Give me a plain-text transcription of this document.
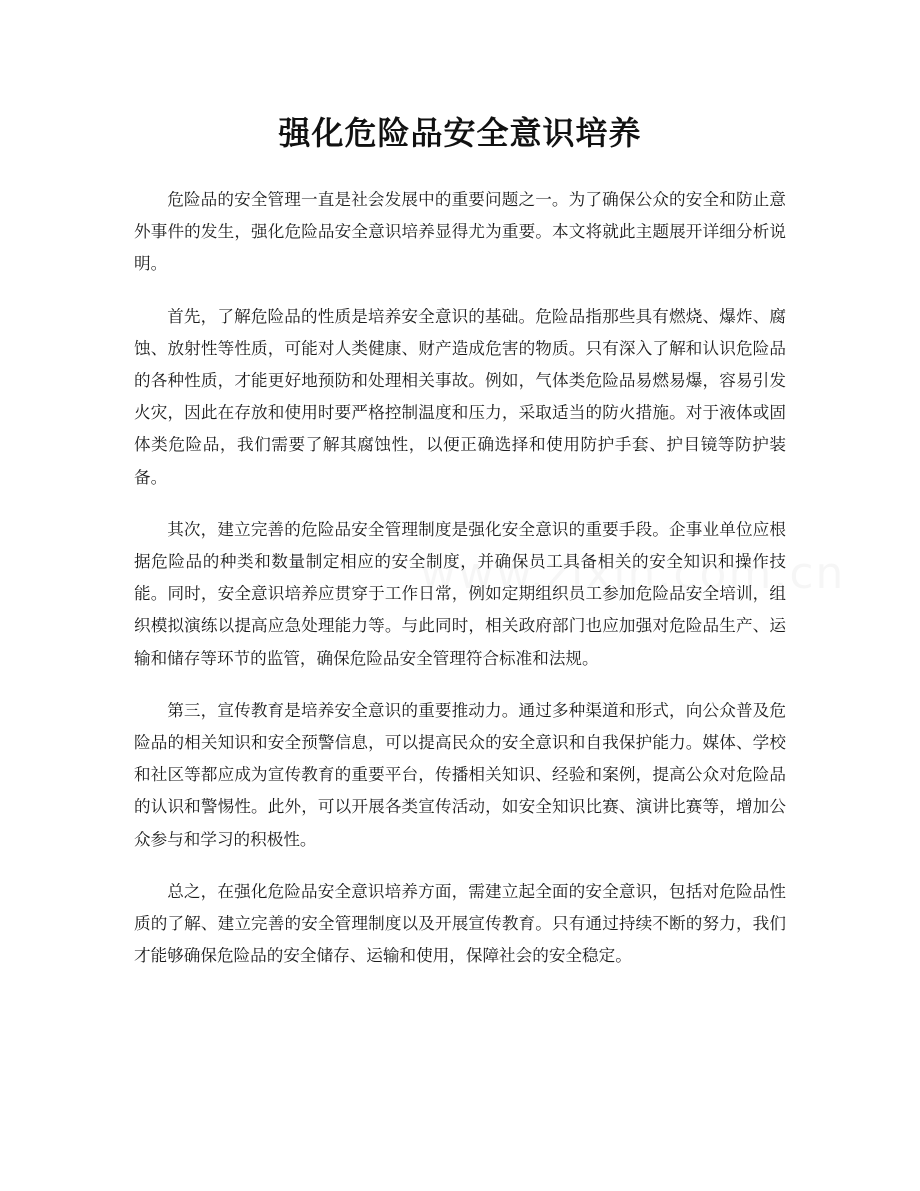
强化危险品安全意识培养

危险品的安全管理一直是社会发展中的重要问题之一。为了确保公众的安全和防止意外事件的发生，强化危险品安全意识培养显得尤为重要。本文将就此主题展开详细分析说明。

首先，了解危险品的性质是培养安全意识的基础。危险品指那些具有燃烧、爆炸、腐蚀、放射性等性质，可能对人类健康、财产造成危害的物质。只有深入了解和认识危险品的各种性质，才能更好地预防和处理相关事故。例如，气体类危险品易燃易爆，容易引发火灾，因此在存放和使用时要严格控制温度和压力，采取适当的防火措施。对于液体或固体类危险品，我们需要了解其腐蚀性，以便正确选择和使用防护手套、护目镜等防护装备。

其次，建立完善的危险品安全管理制度是强化安全意识的重要手段。企事业单位应根据危险品的种类和数量制定相应的安全制度，并确保员工具备相关的安全知识和操作技能。同时，安全意识培养应贯穿于工作日常，例如定期组织员工参加危险品安全培训，组织模拟演练以提高应急处理能力等。与此同时，相关政府部门也应加强对危险品生产、运输和储存等环节的监管，确保危险品安全管理符合标准和法规。

第三，宣传教育是培养安全意识的重要推动力。通过多种渠道和形式，向公众普及危险品的相关知识和安全预警信息，可以提高民众的安全意识和自我保护能力。媒体、学校和社区等都应成为宣传教育的重要平台，传播相关知识、经验和案例，提高公众对危险品的认识和警惕性。此外，可以开展各类宣传活动，如安全知识比赛、演讲比赛等，增加公众参与和学习的积极性。

总之，在强化危险品安全意识培养方面，需建立起全面的安全意识，包括对危险品性质的了解、建立完善的安全管理制度以及开展宣传教育。只有通过持续不断的努力，我们才能够确保危险品的安全储存、运输和使用，保障社会的安全稳定。
